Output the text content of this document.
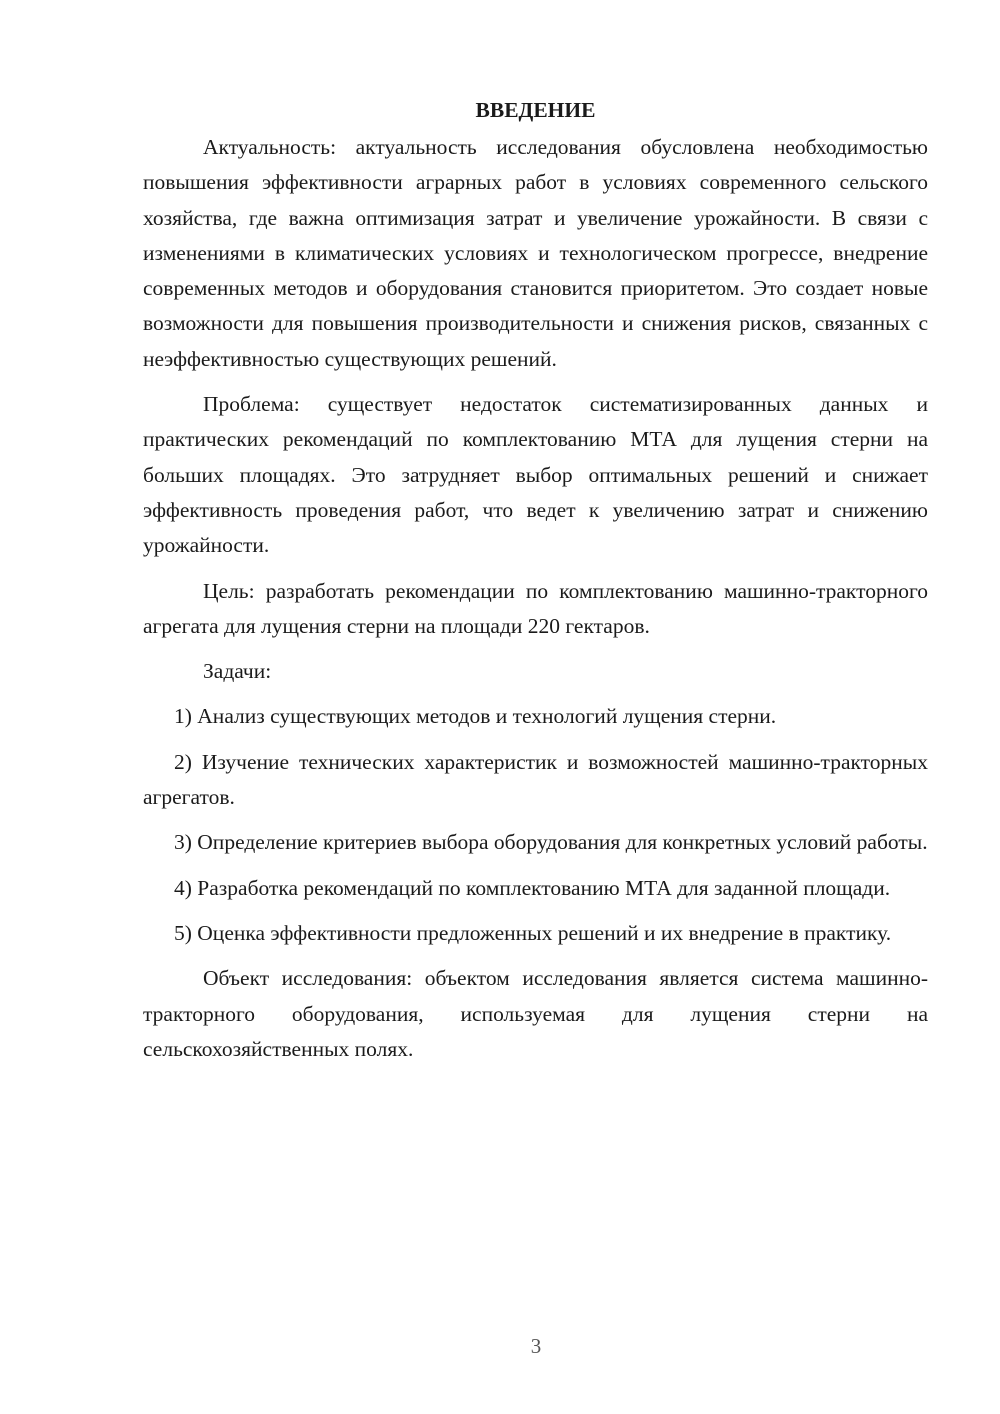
ВВЕДЕНИЕ

Актуальность: актуальность исследования обусловлена необходимостью повышения эффективности аграрных работ в условиях современного сельского хозяйства, где важна оптимизация затрат и увеличение урожайности. В связи с изменениями в климатических условиях и технологическом прогрессе, внедрение современных методов и оборудования становится приоритетом. Это создает новые возможности для повышения производительности и снижения рисков, связанных с неэффективностью существующих решений.

Проблема: существует недостаток систематизированных данных и практических рекомендаций по комплектованию МТА для лущения стерни на больших площадях. Это затрудняет выбор оптимальных решений и снижает эффективность проведения работ, что ведет к увеличению затрат и снижению урожайности.

Цель: разработать рекомендации по комплектованию машинно-тракторного агрегата для лущения стерни на площади 220 гектаров.

Задачи:

1) Анализ существующих методов и технологий лущения стерни.

2) Изучение технических характеристик и возможностей машинно-тракторных агрегатов.

3) Определение критериев выбора оборудования для конкретных условий работы.

4) Разработка рекомендаций по комплектованию МТА для заданной площади.

5) Оценка эффективности предложенных решений и их внедрение в практику.

Объект исследования: объектом исследования является система машинно-тракторного оборудования, используемая для лущения стерни на сельскохозяйственных полях.

3
